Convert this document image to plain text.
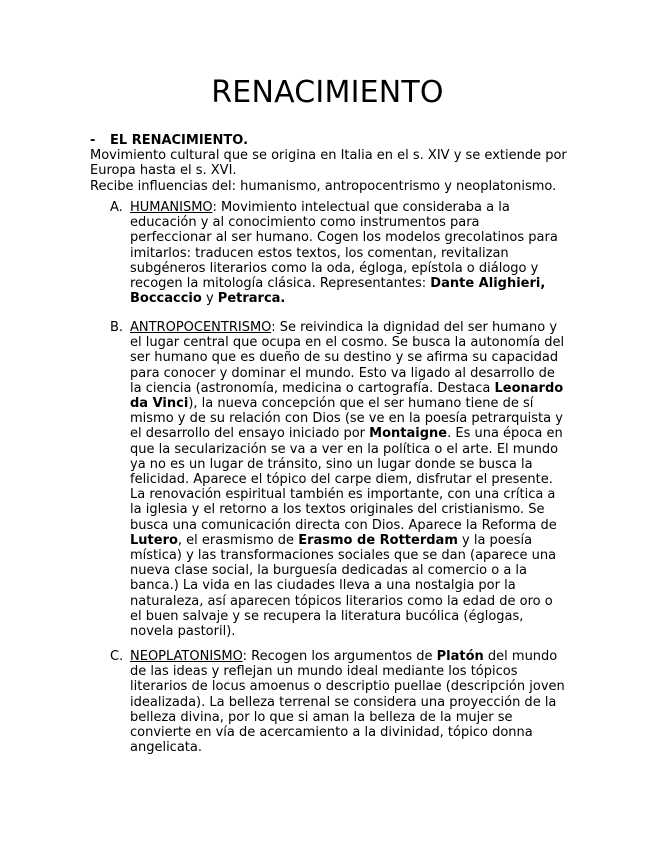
RENACIMIENTO
- EL RENACIMIENTO.

Movimiento cultural que se origina en Italia en el s. XIV y se extiende por Europa hasta el s. XVI.

Recibe influencias del: humanismo, antropocentrismo y neoplatonismo.

A. HUMANISMO: Movimiento intelectual que consideraba a la educación y al conocimiento como instrumentos para perfeccionar al ser humano. Cogen los modelos grecolatinos para imitarlos: traducen estos textos, los comentan, revitalizan subgéneros literarios como la oda, égloga, epístola o diálogo y recogen la mitología clásica. Representantes: Dante Alighieri, Boccaccio y Petrarca.

B. ANTROPOCENTRISMO: Se reivindica la dignidad del ser humano y el lugar central que ocupa en el cosmo. Se busca la autonomía del ser humano que es dueño de su destino y se afirma su capacidad para conocer y dominar el mundo. Esto va ligado al desarrollo de la ciencia (astronomía, medicina o cartografía. Destaca Leonardo da Vinci), la nueva concepción que el ser humano tiene de sí mismo y de su relación con Dios (se ve en la poesía petrarquista y el desarrollo del ensayo iniciado por Montaigne. Es una época en que la secularización se va a ver en la política o el arte. El mundo ya no es un lugar de tránsito, sino un lugar donde se busca la felicidad. Aparece el tópico del carpe diem, disfrutar el presente. La renovación espiritual también es importante, con una crítica a la iglesia y el retorno a los textos originales del cristianismo. Se busca una comunicación directa con Dios. Aparece la Reforma de Lutero, el erasmismo de Erasmo de Rotterdam y la poesía mística) y las transformaciones sociales que se dan (aparece una nueva clase social, la burguesía dedicadas al comercio o a la banca.) La vida en las ciudades lleva a una nostalgia por la naturaleza, así aparecen tópicos literarios como la edad de oro o el buen salvaje y se recupera la literatura bucólica (églogas, novela pastoril).

C. NEOPLATONISMO: Recogen los argumentos de Platón del mundo de las ideas y reflejan un mundo ideal mediante los tópicos literarios de locus amoenus o descriptio puellae (descripción joven idealizada). La belleza terrenal se considera una proyección de la belleza divina, por lo que si aman la belleza de la mujer se convierte en vía de acercamiento a la divinidad, tópico donna angelicata.
